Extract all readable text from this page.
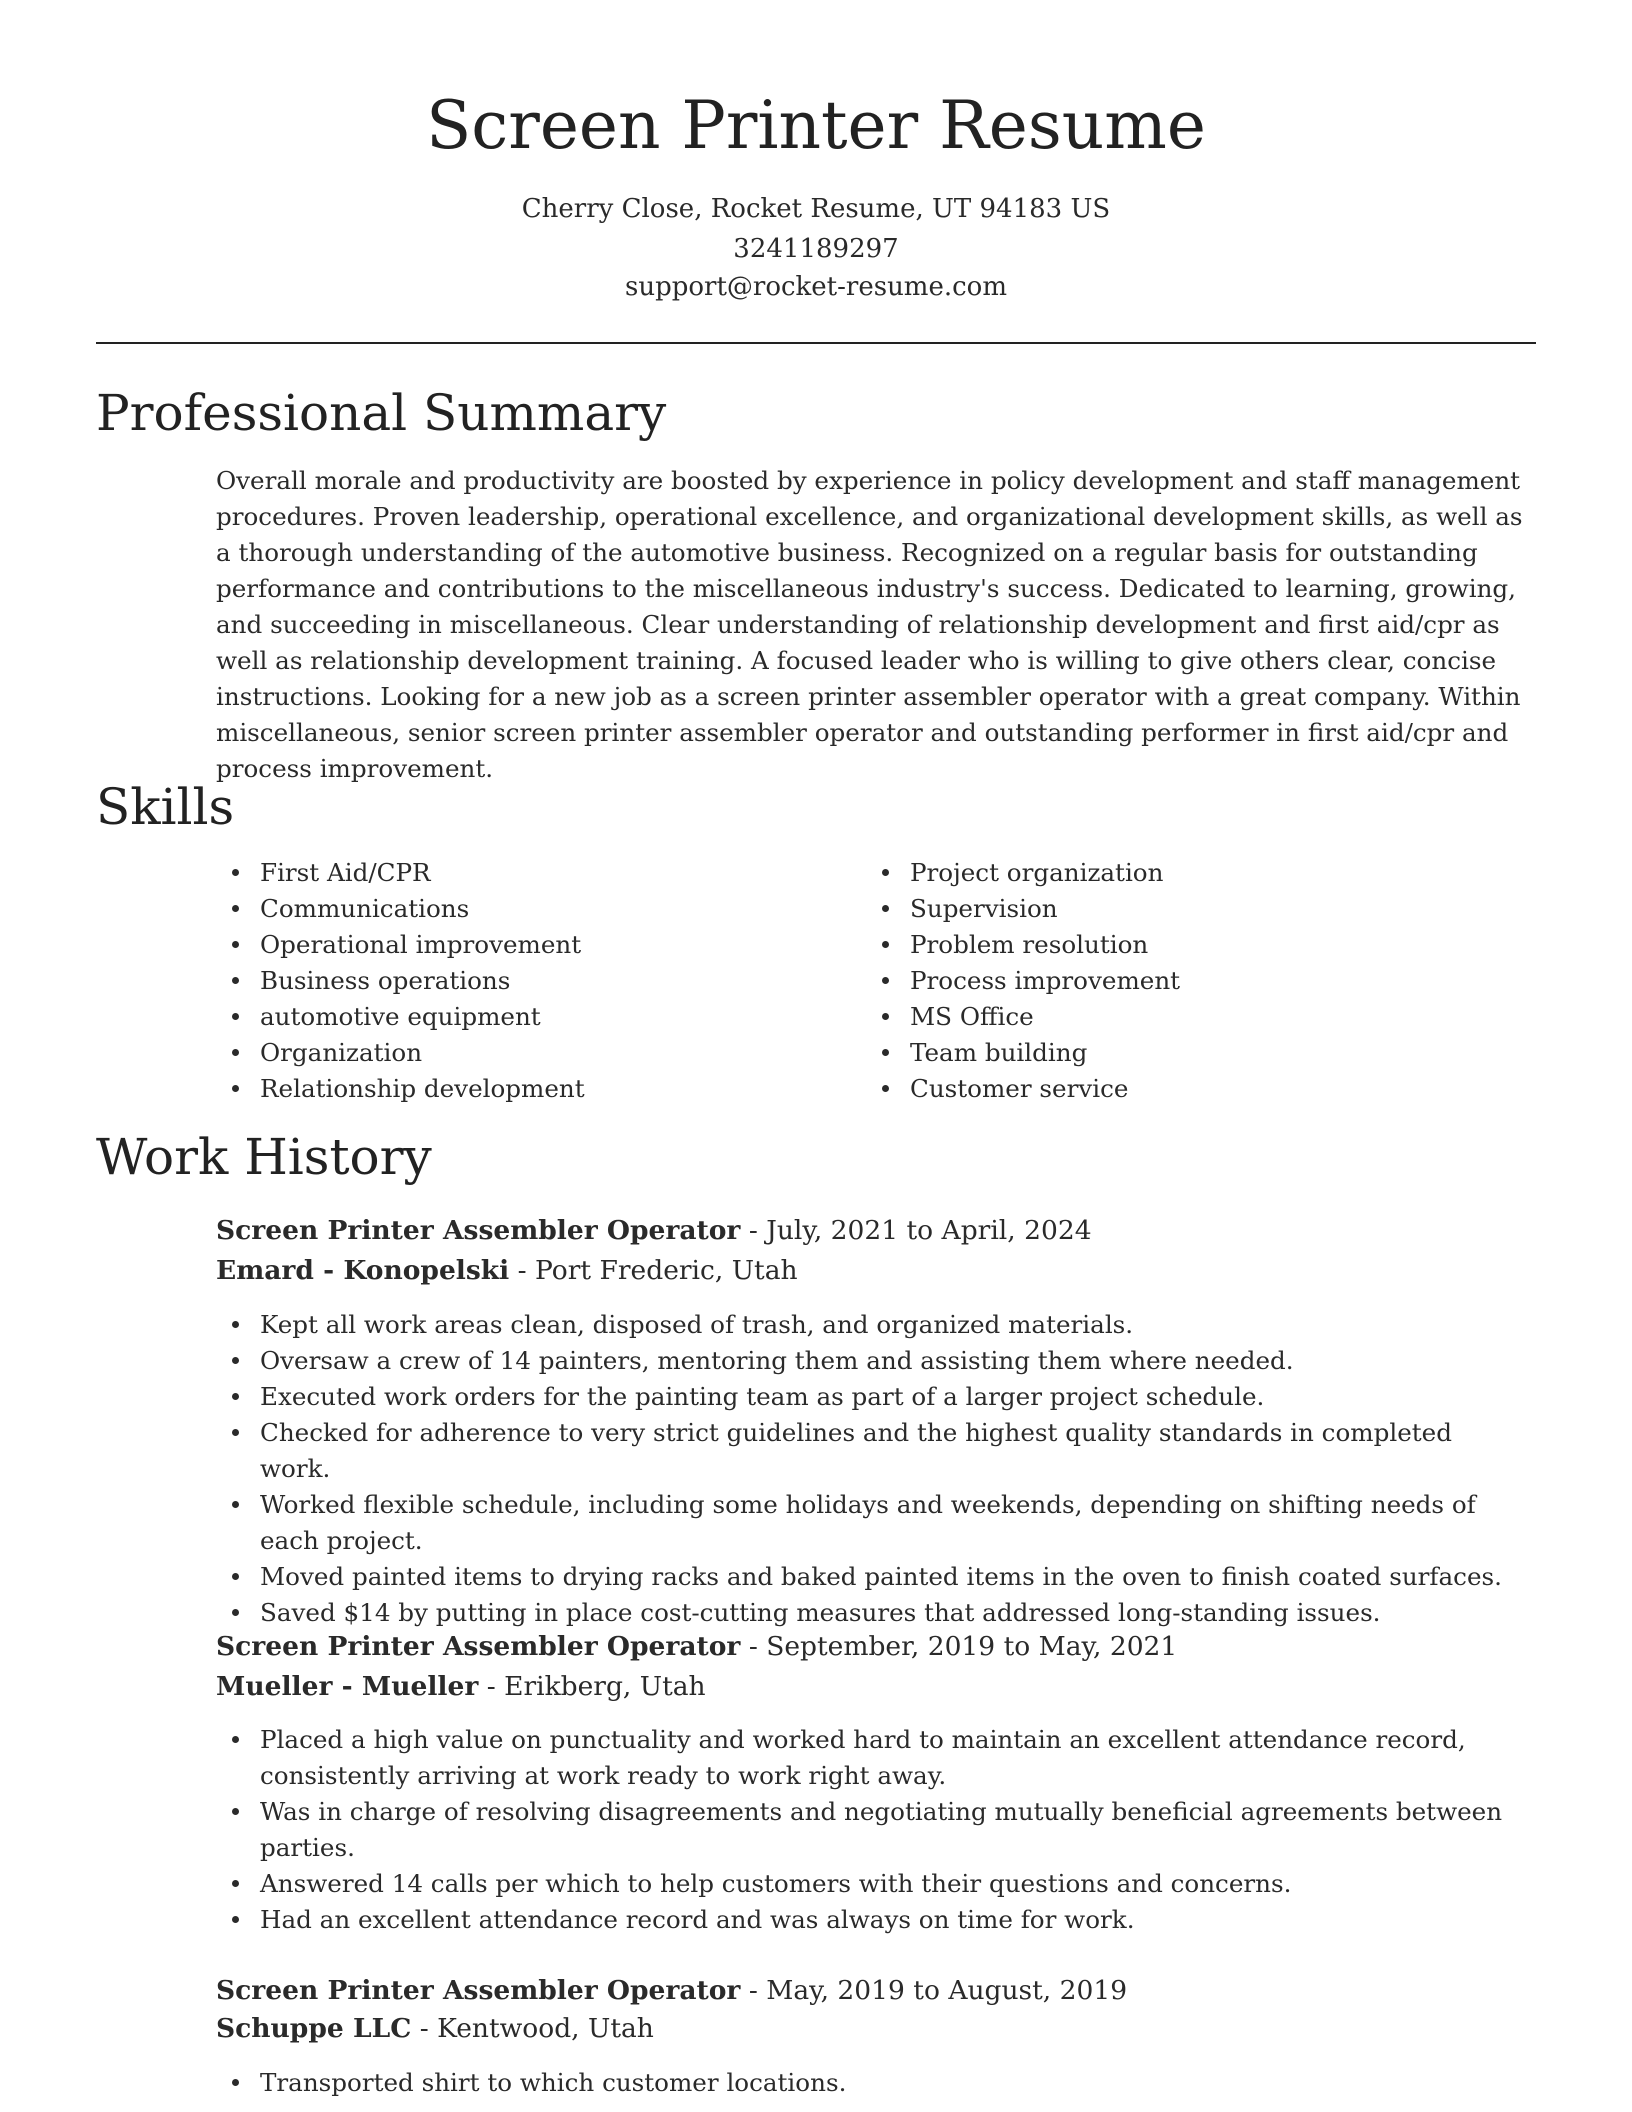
Screen Printer Resume
Cherry Close, Rocket Resume, UT 94183 US
3241189297
support@rocket-resume.com
Professional Summary

Overall morale and productivity are boosted by experience in policy development and staff management procedures. Proven leadership, operational excellence, and organizational development skills, as well as a thorough understanding of the automotive business. Recognized on a regular basis for outstanding performance and contributions to the miscellaneous industry's success. Dedicated to learning, growing, and succeeding in miscellaneous. Clear understanding of relationship development and first aid/cpr as well as relationship development training. A focused leader who is willing to give others clear, concise instructions. Looking for a new job as a screen printer assembler operator with a great company. Within miscellaneous, senior screen printer assembler operator and outstanding performer in first aid/cpr and process improvement.

Skills
First Aid/CPR
Communications
Operational improvement
Business operations
automotive equipment
Organization
Relationship development
Project organization
Supervision
Problem resolution
Process improvement
MS Office
Team building
Customer service
Work History
Screen Printer Assembler Operator - July, 2021 to April, 2024
Emard - Konopelski - Port Frederic, Utah
Kept all work areas clean, disposed of trash, and organized materials.
Oversaw a crew of 14 painters, mentoring them and assisting them where needed.
Executed work orders for the painting team as part of a larger project schedule.
Checked for adherence to very strict guidelines and the highest quality standards in completed work.
Worked flexible schedule, including some holidays and weekends, depending on shifting needs of each project.
Moved painted items to drying racks and baked painted items in the oven to finish coated surfaces.
Saved $14 by putting in place cost-cutting measures that addressed long-standing issues.
Screen Printer Assembler Operator - September, 2019 to May, 2021
Mueller - Mueller - Erikberg, Utah
Placed a high value on punctuality and worked hard to maintain an excellent attendance record, consistently arriving at work ready to work right away.
Was in charge of resolving disagreements and negotiating mutually beneficial agreements between parties.
Answered 14 calls per which to help customers with their questions and concerns.
Had an excellent attendance record and was always on time for work.
Screen Printer Assembler Operator - May, 2019 to August, 2019
Schuppe LLC - Kentwood, Utah
Transported shirt to which customer locations.
